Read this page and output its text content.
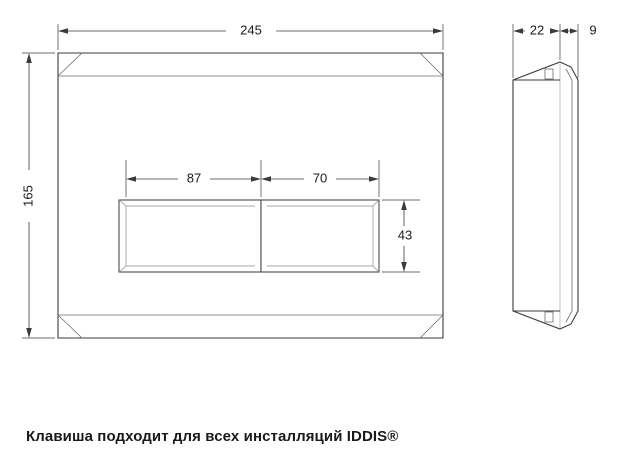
245
165
87	70
43
22	9
Клавиша подходит для всех инсталляций IDDIS®
